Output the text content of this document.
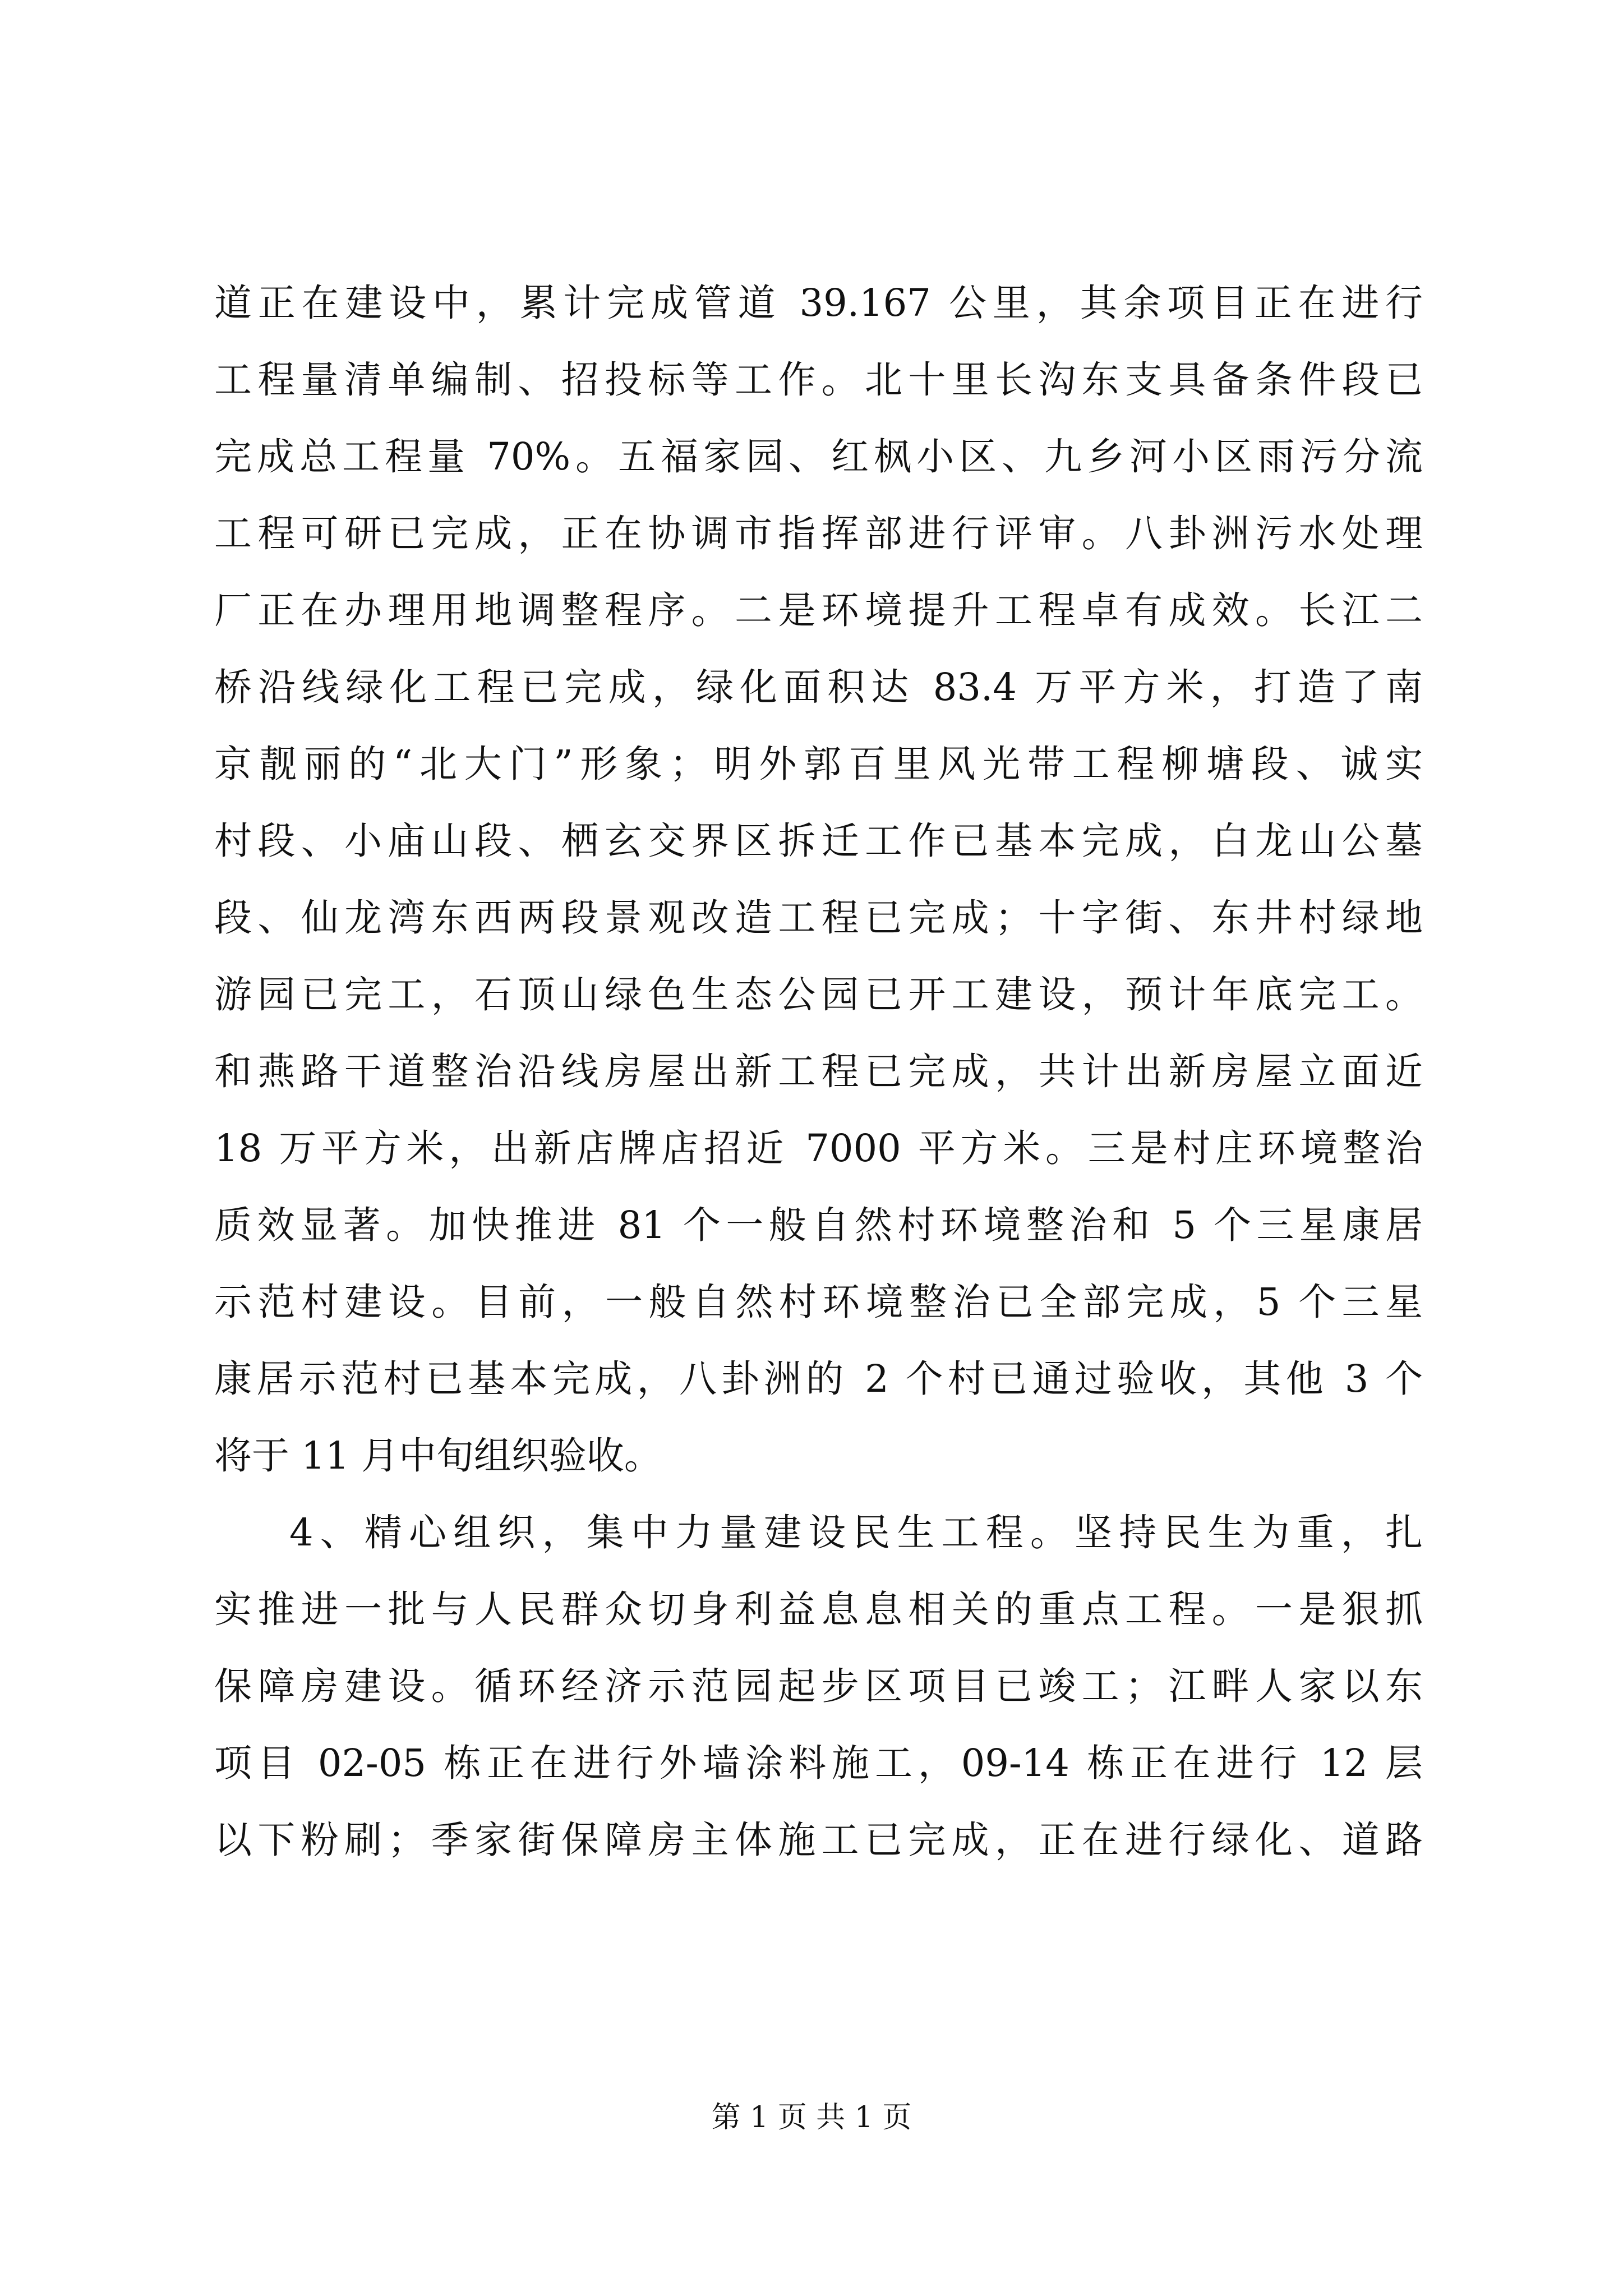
道正在建设中，累计完成管道 39.167 公里，其余项目正在进行
工程量清单编制、招投标等工作。北十里长沟东支具备条件段已
完成总工程量 70%。五福家园、红枫小区、九乡河小区雨污分流
工程可研已完成，正在协调市指挥部进行评审。八卦洲污水处理
厂正在办理用地调整程序。二是环境提升工程卓有成效。长江二
桥沿线绿化工程已完成，绿化面积达 83.4 万平方米，打造了南
京靓丽的“北大门”形象；明外郭百里风光带工程柳塘段、诚实
村段、小庙山段、栖玄交界区拆迁工作已基本完成，白龙山公墓
段、仙龙湾东西两段景观改造工程已完成；十字街、东井村绿地
游园已完工，石顶山绿色生态公园已开工建设，预计年底完工。
和燕路干道整治沿线房屋出新工程已完成，共计出新房屋立面近
18 万平方米，出新店牌店招近 7000 平方米。三是村庄环境整治
质效显著。加快推进 81 个一般自然村环境整治和 5 个三星康居
示范村建设。目前，一般自然村环境整治已全部完成，5 个三星
康居示范村已基本完成，八卦洲的 2 个村已通过验收，其他 3 个
将于 11 月中旬组织验收。
4、精心组织，集中力量建设民生工程。坚持民生为重，扎
实推进一批与人民群众切身利益息息相关的重点工程。一是狠抓
保障房建设。循环经济示范园起步区项目已竣工；江畔人家以东
项目 02-05 栋正在进行外墙涂料施工，09-14 栋正在进行 12 层
以下粉刷；季家街保障房主体施工已完成，正在进行绿化、道路
第 1 页 共 1 页
